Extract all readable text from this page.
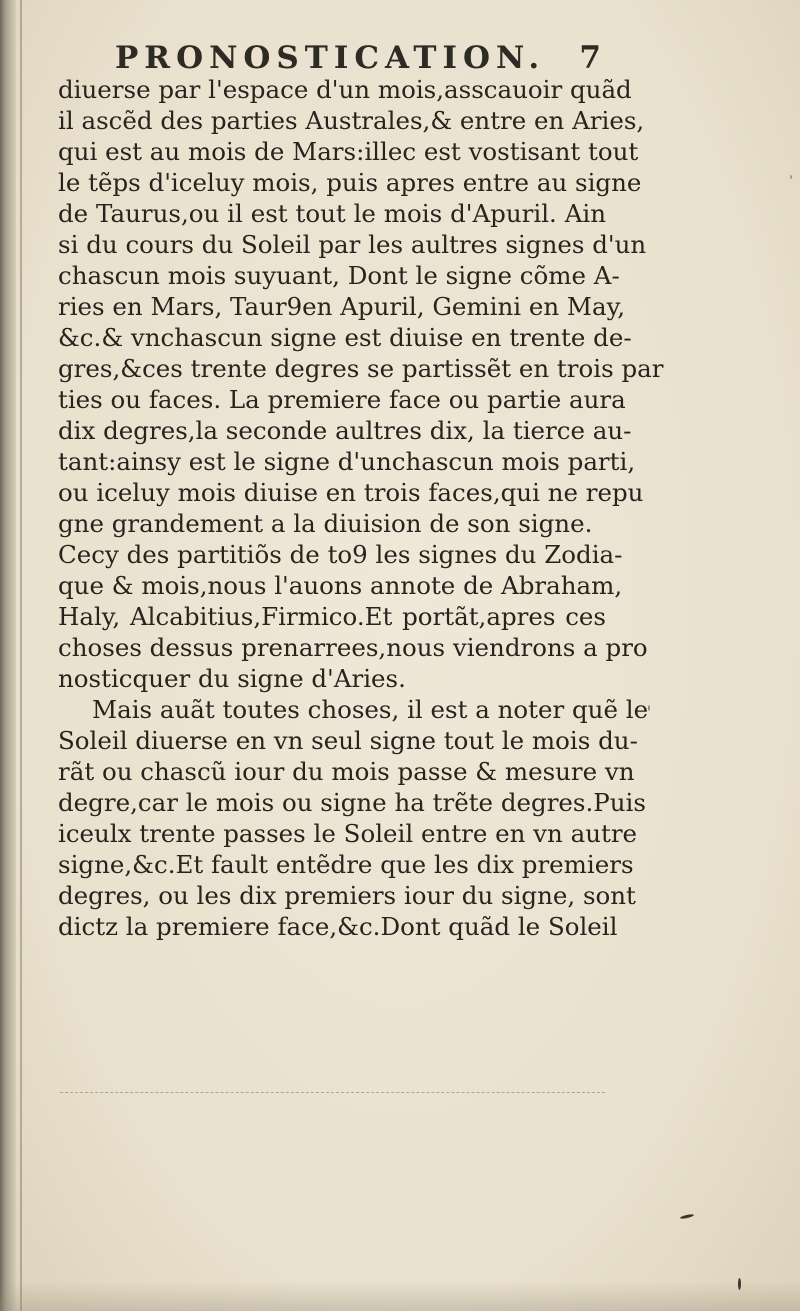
PRONOSTICATION. 7
diuerse par l'espace d'un mois,asscauoir quãd
il ascẽd des parties Australes,& entre en Aries,
qui est au mois de Mars:illec est vostisant tout
le tẽps d'iceluy mois, puis apres entre au signe
de Taurus,ou il est tout le mois d'Apuril. Ain
si du cours du Soleil par les aultres signes d'un
chascun mois suyuant, Dont le signe cõme A-
ries en Mars, Taur9en Apuril, Gemini en May,
&c.& vnchascun signe est diuise en trente de-
gres,&ces trente degres se partissẽt en trois par
ties ou faces. La premiere face ou partie aura
dix degres,la seconde aultres dix, la tierce au-
tant:ainsy est le signe d'unchascun mois parti,
ou iceluy mois diuise en trois faces,qui ne repu
gne grandement a la diuision de son signe.
Cecy des partitiõs de to9 les signes du Zodia-
que & mois,nous l'auons annote de Abraham,
Haly, Alcabitius,Firmico.Et portãt,apres ces
choses dessus prenarrees,nous viendrons a pro
nosticquer du signe d'Aries.
Mais auãt toutes choses, il est a noter quẽ le
Soleil diuerse en vn seul signe tout le mois du-
rãt ou chascũ iour du mois passe & mesure vn
degre,car le mois ou signe ha trẽte degres.Puis
iceulx trente passes le Soleil entre en vn autre
signe,&c.Et fault entẽdre que les dix premiers
degres, ou les dix premiers iour du signe, sont
dictz la premiere face,&c.Dont quãd le Soleil
